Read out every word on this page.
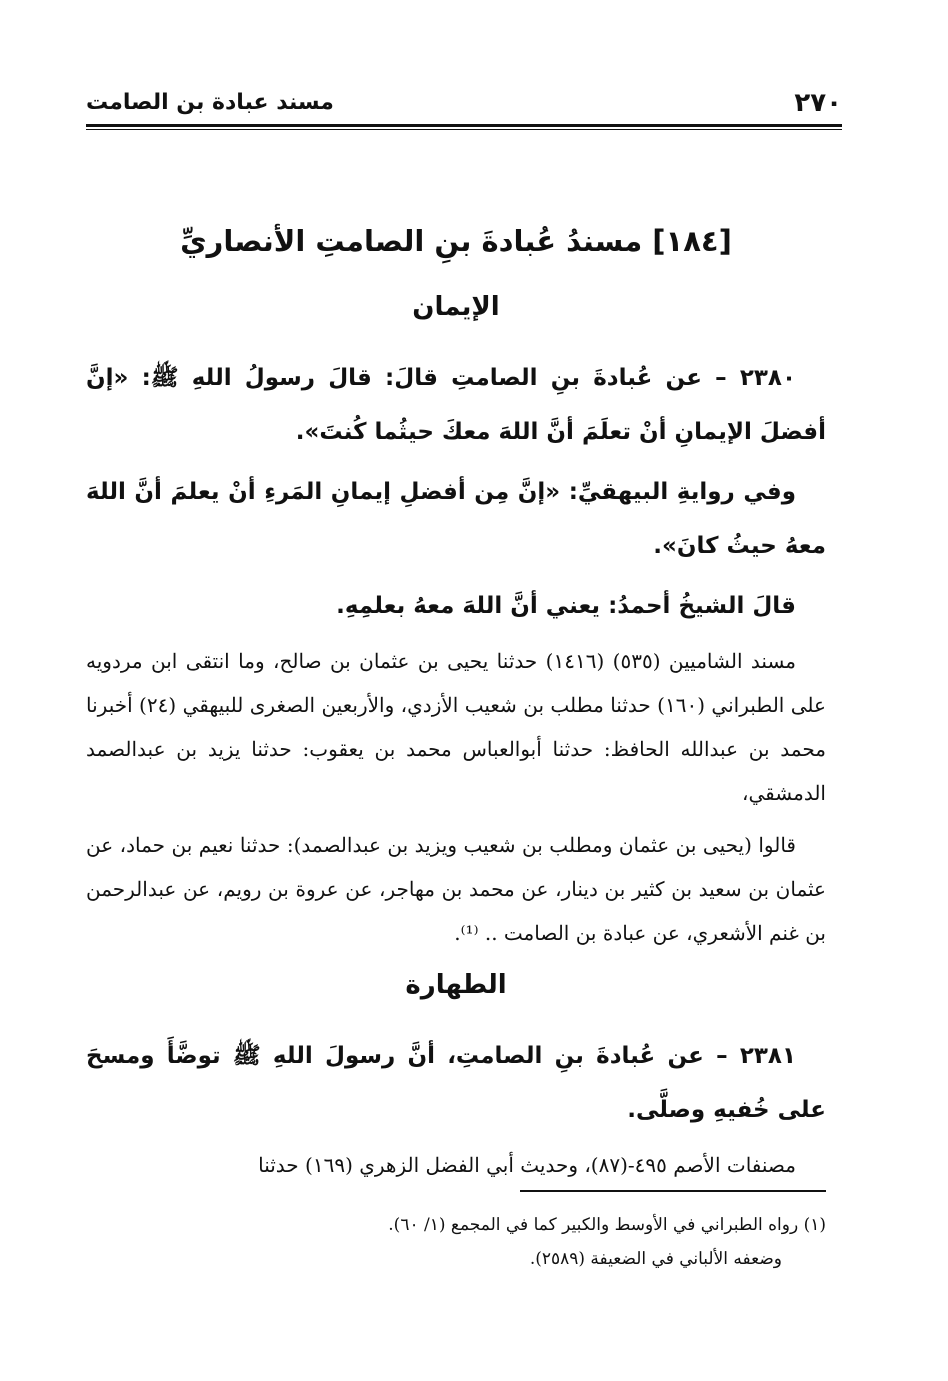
٢٧٠
مسند عبادة بن الصامت
[١٨٤] مسندُ عُبادةَ بنِ الصامتِ الأنصاريِّ
الإيمان

٢٣٨٠ – عن عُبادةَ بنِ الصامتِ قالَ: قالَ رسولُ اللهِ ﷺ: «إنَّ أفضلَ الإيمانِ أنْ تعلَمَ أنَّ اللهَ معكَ حيثُما كُنتَ».

وفي روايةِ البيهقيِّ: «إنَّ مِن أفضلِ إيمانِ المَرءِ أنْ يعلمَ أنَّ اللهَ معهُ حيثُ كانَ».

قالَ الشيخُ أحمدُ: يعني أنَّ اللهَ معهُ بعلمِهِ.

مسند الشاميين (٥٣٥) (١٤١٦) حدثنا يحيى بن عثمان بن صالح، وما انتقى ابن مردويه على الطبراني (١٦٠) حدثنا مطلب بن شعيب الأزدي، والأربعين الصغرى للبيهقي (٢٤) أخبرنا محمد بن عبدالله الحافظ: حدثنا أبوالعباس محمد بن يعقوب: حدثنا يزيد بن عبدالصمد الدمشقي،

قالوا (يحيى بن عثمان ومطلب بن شعيب ويزيد بن عبدالصمد): حدثنا نعيم بن حماد، عن عثمان بن سعيد بن كثير بن دينار، عن محمد بن مهاجر، عن عروة بن رويم، عن عبدالرحمن بن غنم الأشعري، عن عبادة بن الصامت .. ⁽¹⁾.

الطهارة

٢٣٨١ – عن عُبادةَ بنِ الصامتِ، أنَّ رسولَ اللهِ ﷺ توضَّأَ ومسحَ على خُفيهِ وصلَّى.

مصنفات الأصم ٤٩٥-(٨٧)، وحديث أبي الفضل الزهري (١٦٩) حدثنا

(١) رواه الطبراني في الأوسط والكبير كما في المجمع (١/ ٦٠).

وضعفه الألباني في الضعيفة (٢٥٨٩).
